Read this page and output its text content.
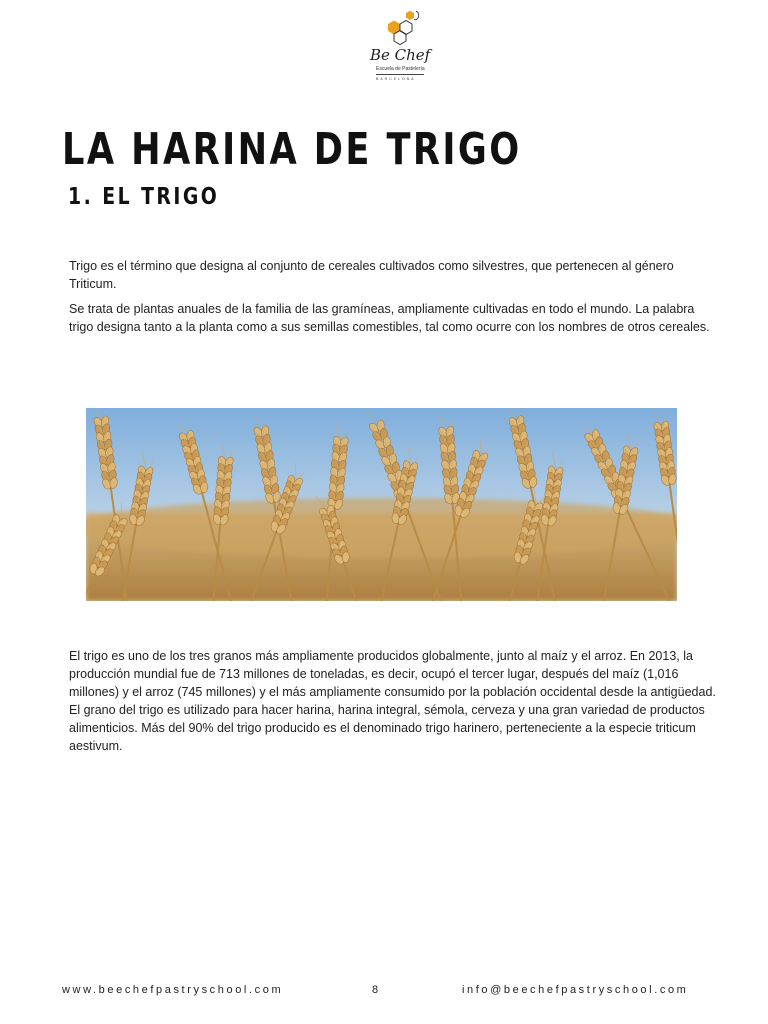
Be Chef
Escuela de Pastelería
BARCELONA
LA HARINA DE TRIGO
1. EL TRIGO

Trigo es el término que designa al conjunto de cereales cultivados como silvestres, que pertenecen al género Triticum.

Se trata de plantas anuales de la familia de las gramíneas, ampliamente cultivadas en todo el mundo. La palabra trigo designa tanto a la planta como a sus semillas comestibles, tal como ocurre con los nombres de otros cereales.

El trigo es uno de los tres granos más ampliamente producidos globalmente, junto al maíz y el arroz. En 2013, la producción mundial fue de 713 millones de toneladas, es decir, ocupó el tercer lugar, después del maíz (1,016 millones) y el arroz (745 millones) y el más ampliamente consumido por la población occidental desde la antigüedad. El grano del trigo es utilizado para hacer harina, harina integral, sémola, cerveza y una gran variedad de productos alimenticios. Más del 90% del trigo producido es el denominado trigo harinero, perteneciente a la especie triticum aestivum.

www.beechefpastryschool.com	8	info@beechefpastryschool.com
